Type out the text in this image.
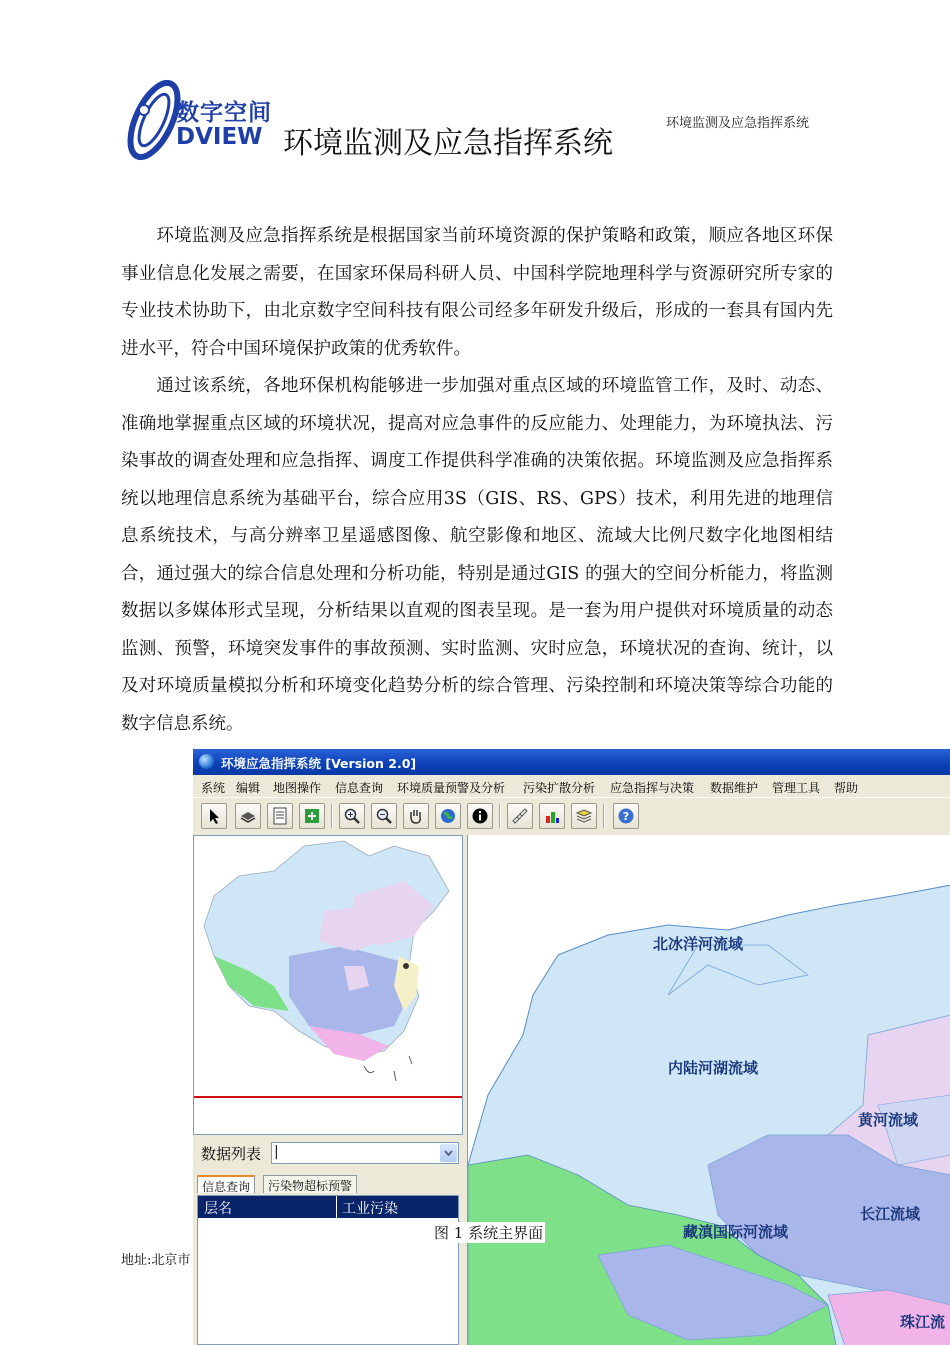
数字空间
DVIEW 环境监测及应急指挥系统
环境监测及应急指挥系统
环境监测及应急指挥系统是根据国家当前环境资源的保护策略和政策，顺应各地区环保事业信息化发展之需要，在国家环保局科研人员、中国科学院地理科学与资源研究所专家的专业技术协助下，由北京数字空间科技有限公司经多年研发升级后，形成的一套具有国内先进水平，符合中国环境保护政策的优秀软件。
通过该系统，各地环保机构能够进一步加强对重点区域的环境监管工作，及时、动态、准确地掌握重点区域的环境状况，提高对应急事件的反应能力、处理能力，为环境执法、污染事故的调查处理和应急指挥、调度工作提供科学准确的决策依据。环境监测及应急指挥系统以地理信息系统为基础平台，综合应用3S（GIS、RS、GPS）技术，利用先进的地理信息系统技术，与高分辨率卫星遥感图像、航空影像和地区、流域大比例尺数字化地图相结合，通过强大的综合信息处理和分析功能，特别是通过GIS 的强大的空间分析能力，将监测数据以多媒体形式呈现，分析结果以直观的图表呈现。是一套为用户提供对环境质量的动态监测、预警，环境突发事件的事故预测、实时监测、灾时应急，环境状况的查询、统计，以及对环境质量模拟分析和环境变化趋势分析的综合管理、污染控制和环境决策等综合功能的数字信息系统。
环境应急指挥系统 [Version 2.0]
系统 编辑 地图操作 信息查询 环境质量预警及分析 污染扩散分析 应急指挥与决策 数据维护 管理工具 帮助
?
数据列表 |
信息查询	污染物超标预警
层名	工业污染
北冰洋河流域
内陆河湖流域
黄河流域
长江流域
藏滇国际河流域
珠江流
图 1 系统主界面
地址:北京市
